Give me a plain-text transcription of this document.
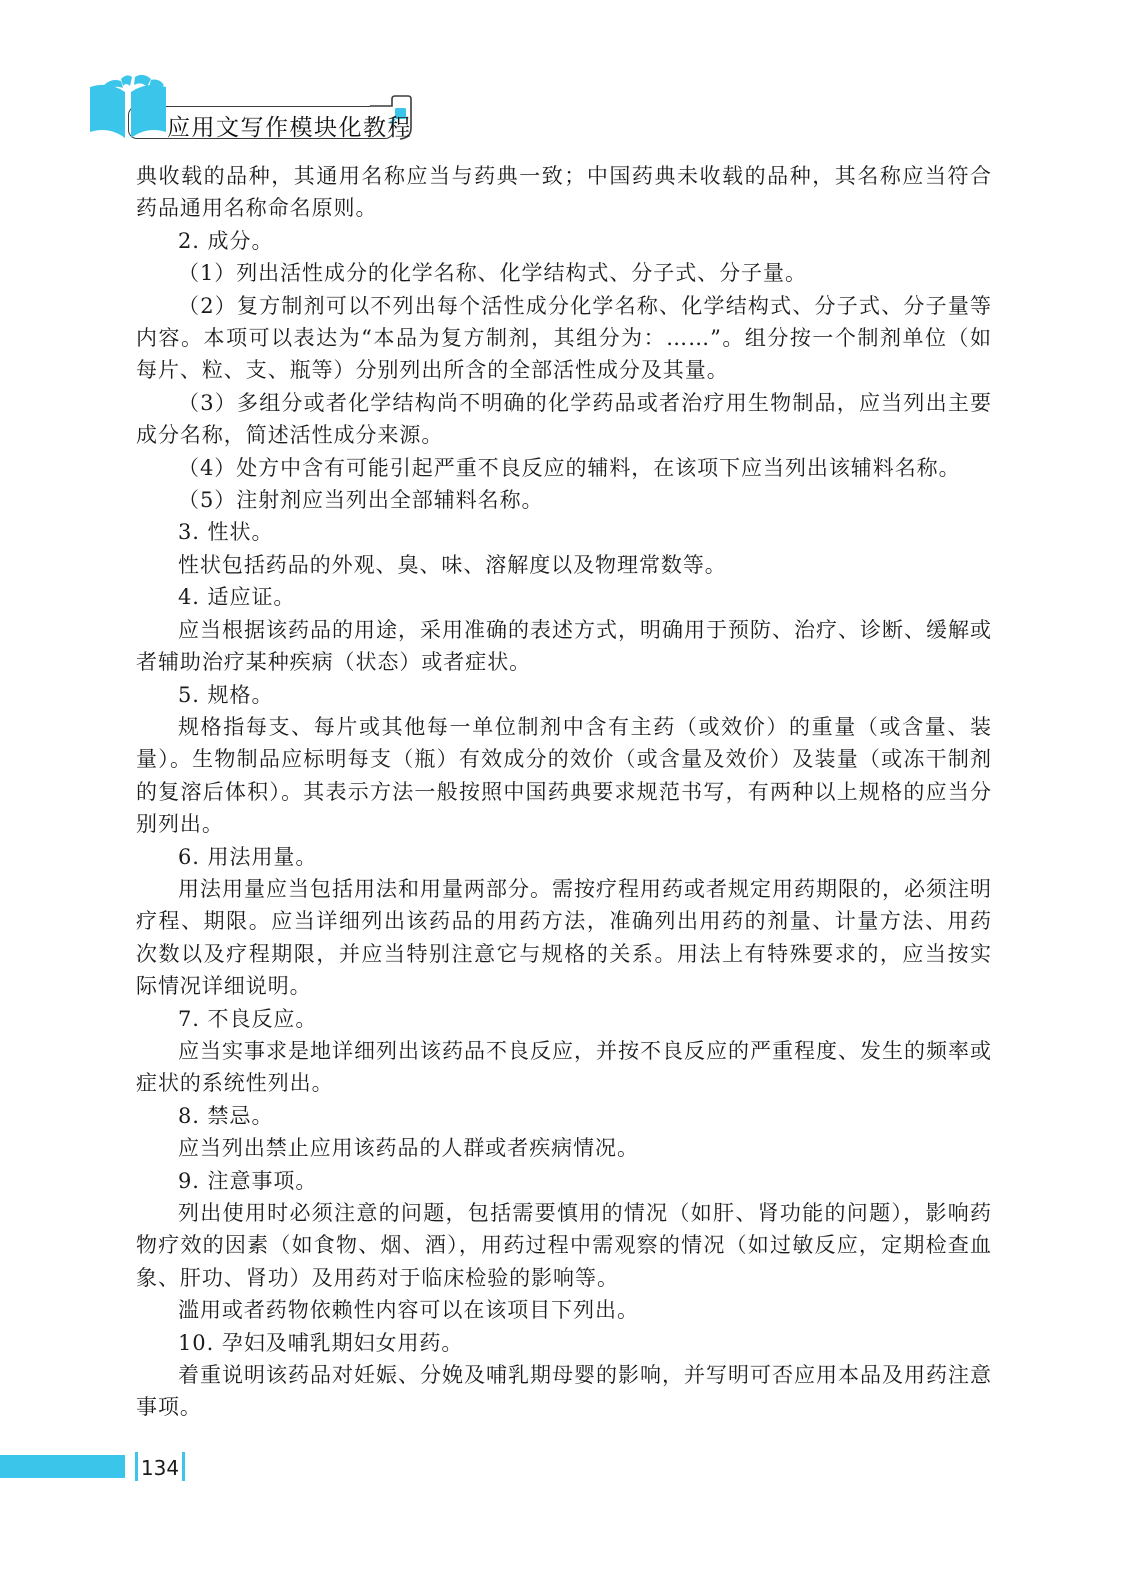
应用文写作模块化教程

典收载的品种，其通用名称应当与药典一致；中国药典未收载的品种，其名称应当符合药品通用名称命名原则。

2. 成分。

（1）列出活性成分的化学名称、化学结构式、分子式、分子量。

（2）复方制剂可以不列出每个活性成分化学名称、化学结构式、分子式、分子量等内容。本项可以表达为“本品为复方制剂，其组分为：……”。组分按一个制剂单位（如每片、粒、支、瓶等）分别列出所含的全部活性成分及其量。

（3）多组分或者化学结构尚不明确的化学药品或者治疗用生物制品，应当列出主要成分名称，简述活性成分来源。

（4）处方中含有可能引起严重不良反应的辅料，在该项下应当列出该辅料名称。

（5）注射剂应当列出全部辅料名称。

3. 性状。

性状包括药品的外观、臭、味、溶解度以及物理常数等。

4. 适应证。

应当根据该药品的用途，采用准确的表述方式，明确用于预防、治疗、诊断、缓解或者辅助治疗某种疾病（状态）或者症状。

5. 规格。

规格指每支、每片或其他每一单位制剂中含有主药（或效价）的重量（或含量、装量）。生物制品应标明每支（瓶）有效成分的效价（或含量及效价）及装量（或冻干制剂的复溶后体积）。其表示方法一般按照中国药典要求规范书写，有两种以上规格的应当分别列出。

6. 用法用量。

用法用量应当包括用法和用量两部分。需按疗程用药或者规定用药期限的，必须注明疗程、期限。应当详细列出该药品的用药方法，准确列出用药的剂量、计量方法、用药次数以及疗程期限，并应当特别注意它与规格的关系。用法上有特殊要求的，应当按实际情况详细说明。

7. 不良反应。

应当实事求是地详细列出该药品不良反应，并按不良反应的严重程度、发生的频率或症状的系统性列出。

8. 禁忌。

应当列出禁止应用该药品的人群或者疾病情况。

9. 注意事项。

列出使用时必须注意的问题，包括需要慎用的情况（如肝、肾功能的问题），影响药物疗效的因素（如食物、烟、酒），用药过程中需观察的情况（如过敏反应，定期检查血象、肝功、肾功）及用药对于临床检验的影响等。

滥用或者药物依赖性内容可以在该项目下列出。

10. 孕妇及哺乳期妇女用药。

着重说明该药品对妊娠、分娩及哺乳期母婴的影响，并写明可否应用本品及用药注意事项。

134
